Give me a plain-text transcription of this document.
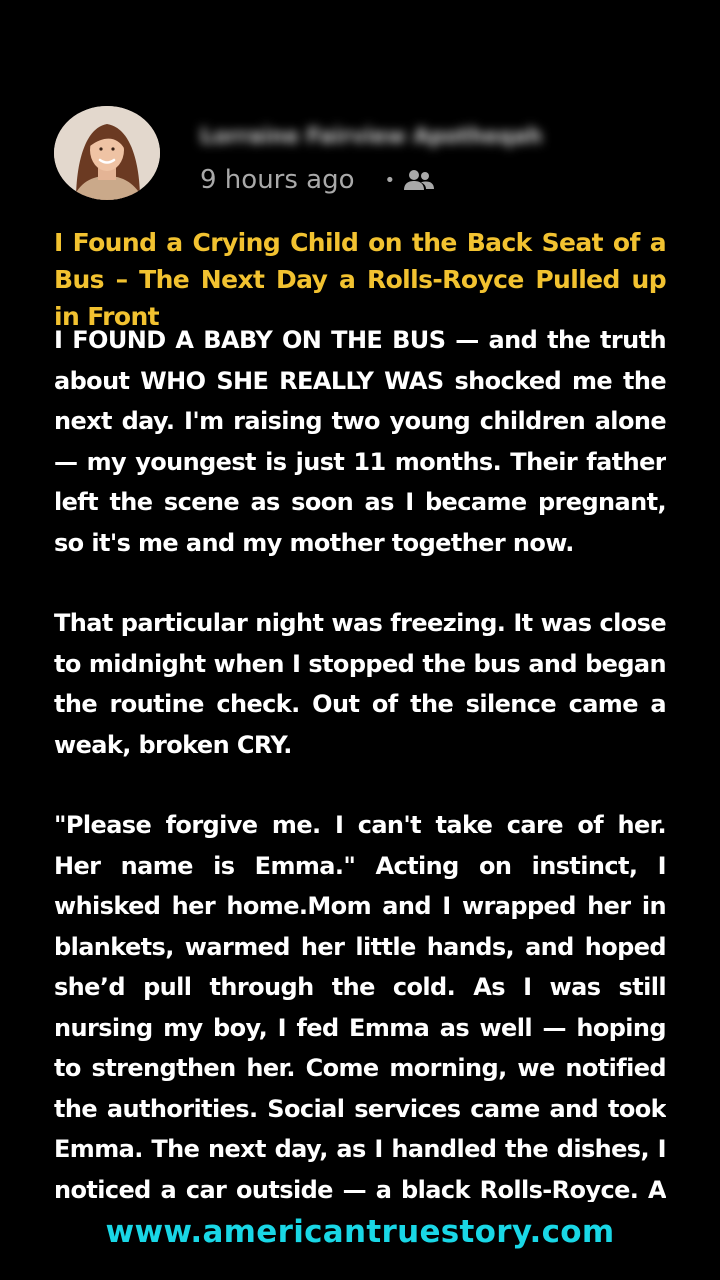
Lorraine Fairview Apotheqah
9 hours ago •
I Found a Crying Child on the Back Seat of a Bus – The Next Day a Rolls-Royce Pulled up in Front

I FOUND A BABY ON THE BUS — and the truth about WHO SHE REALLY WAS shocked me the next day. I'm raising two young children alone — my youngest is just 11 months. Their father left the scene as soon as I became pregnant, so it's me and my mother together now.

That particular night was freezing. It was close to midnight when I stopped the bus and began the routine check. Out of the silence came a weak, broken CRY.

"Please forgive me. I can't take care of her. Her name is Emma." Acting on instinct, I whisked her home.Mom and I wrapped her in blankets, warmed her little hands, and hoped she’d pull through the cold. As I was still nursing my boy, I fed Emma as well — hoping to strengthen her. Come morning, we notified the authorities. Social services came and took Emma. The next day, as I handled the dishes, I noticed a car outside — a black Rolls-Royce. A

www.americantruestory.com
